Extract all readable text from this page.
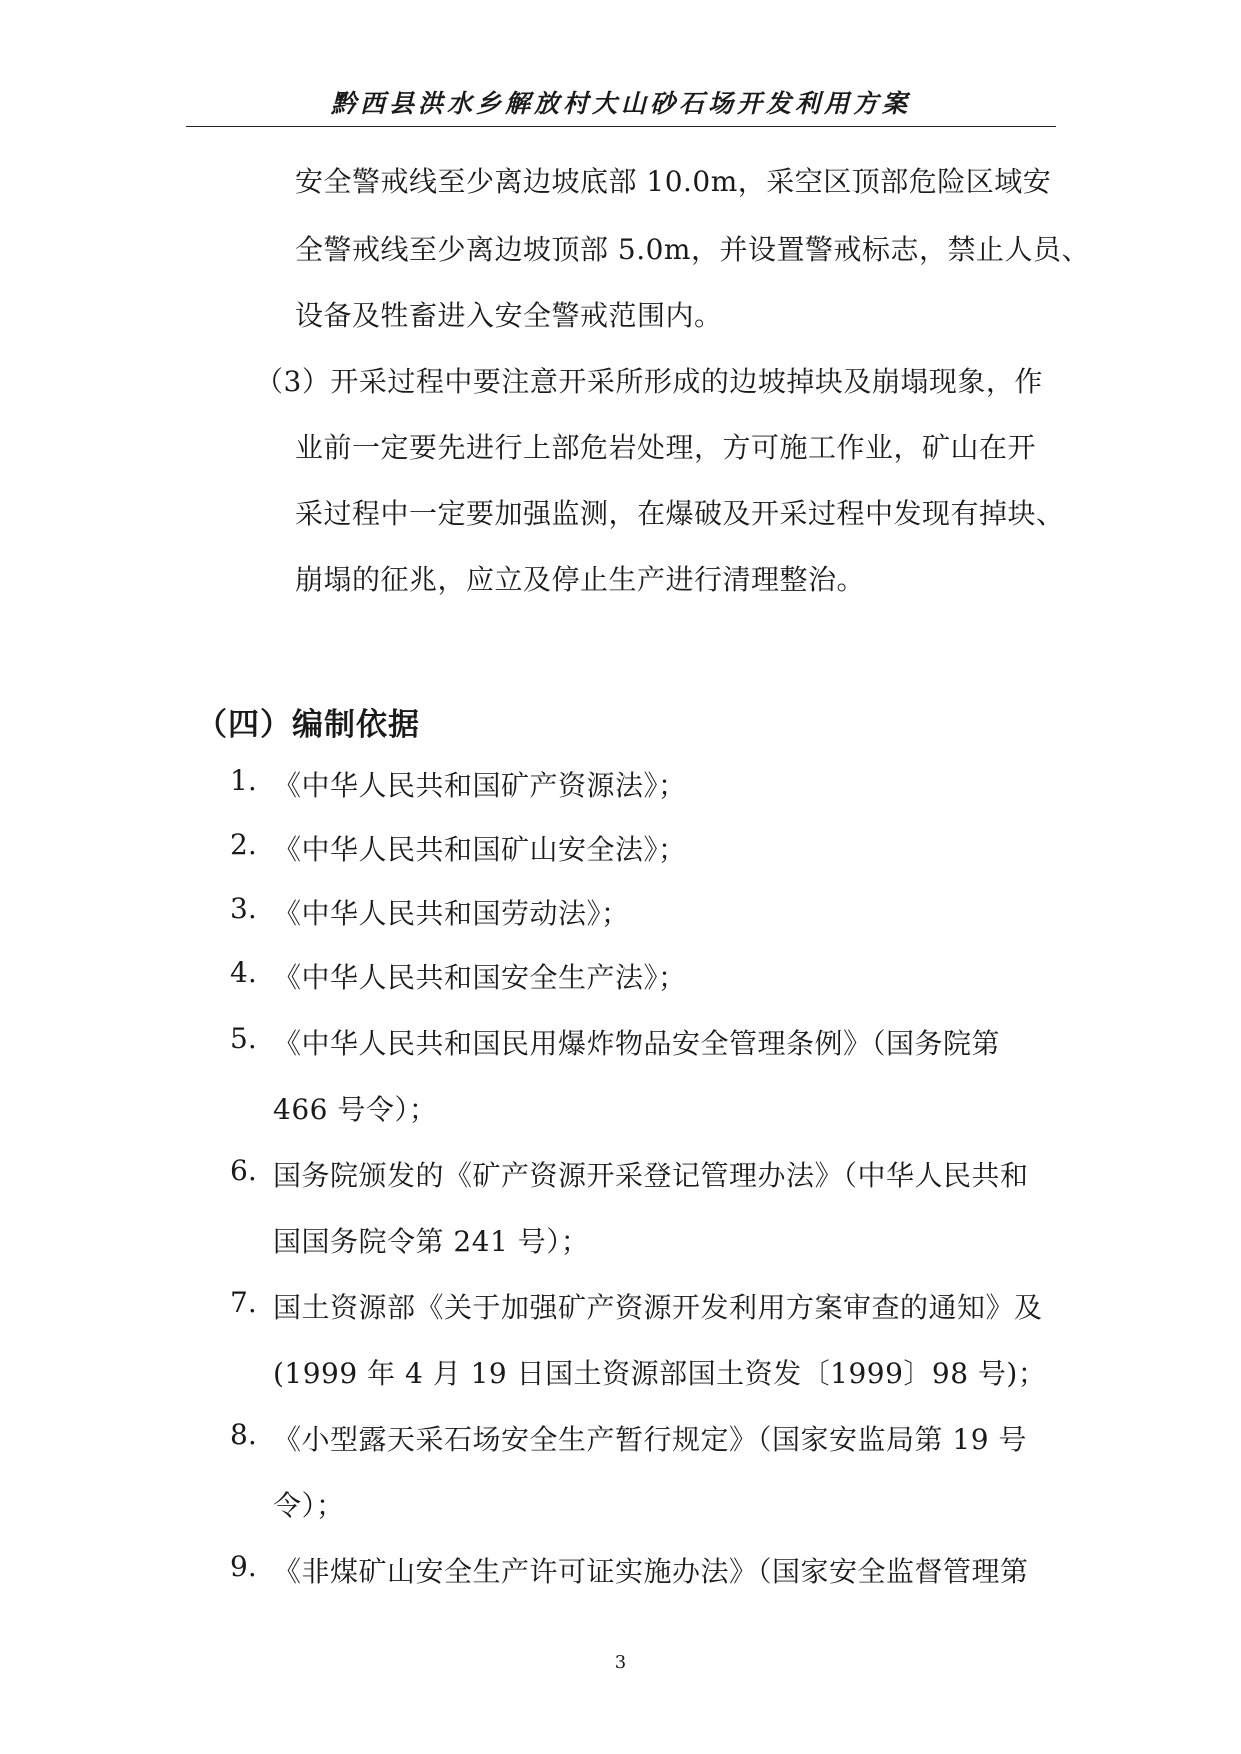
黔西县洪水乡解放村大山砂石场开发利用方案
安全警戒线至少离边坡底部 10.0m，采空区顶部危险区域安
全警戒线至少离边坡顶部 5.0m，并设置警戒标志，禁止人员、
设备及牲畜进入安全警戒范围内。
（3）开采过程中要注意开采所形成的边坡掉块及崩塌现象，作
业前一定要先进行上部危岩处理，方可施工作业，矿山在开
采过程中一定要加强监测，在爆破及开采过程中发现有掉块、
崩塌的征兆，应立及停止生产进行清理整治。
（四）编制依据
1. 《中华人民共和国矿产资源法》；
2. 《中华人民共和国矿山安全法》；
3. 《中华人民共和国劳动法》；
4. 《中华人民共和国安全生产法》；
5. 《中华人民共和国民用爆炸物品安全管理条例》（国务院第
466 号令）；
6. 国务院颁发的《矿产资源开采登记管理办法》（中华人民共和
国国务院令第 241 号）；
7. 国土资源部《关于加强矿产资源开发利用方案审查的通知》及
(1999 年 4 月 19 日国土资源部国土资发〔1999〕98 号)；
8. 《小型露天采石场安全生产暂行规定》（国家安监局第 19 号
令）；
9. 《非煤矿山安全生产许可证实施办法》（国家安全监督管理第
3
